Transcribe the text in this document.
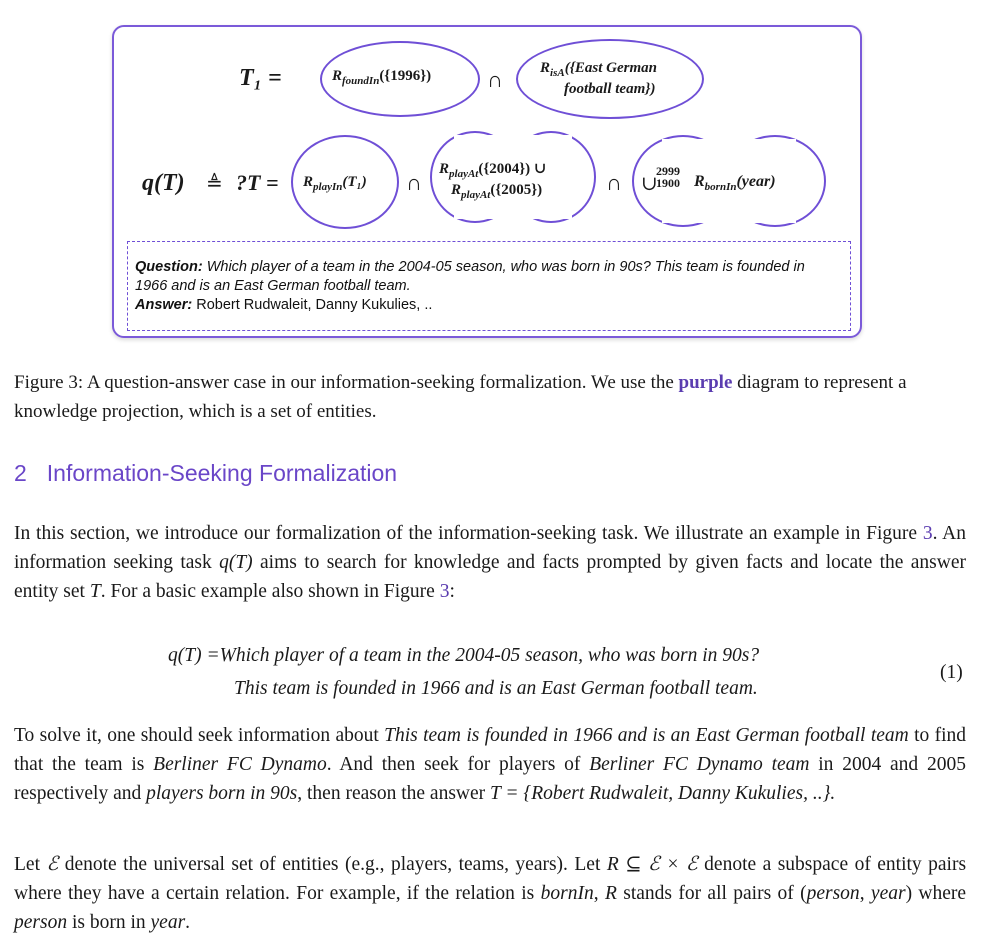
T₁ =	$R_{foundIn}(\{1996\})$	∩ $R_{isA}(\{East$ German
football team})
q(T) ≜ ?T = $R_{playIn}(T_1)$ ∩
$R_{playAt}(\{2004\})$ ∪
$R_{playAt}(\{2005\})$	∩ ∪
2999
1900 $R_{bornIn}(year)$
Question: Which player of a team in the 2004-05 season, who was born in 90s? This team is founded in 1966 and is an East German football team.
Answer: Robert Rudwaleit, Danny Kukulies, ..
Figure 3: A question-answer case in our information-seeking formalization. We use the purple diagram to represent a knowledge projection, which is a set of entities.
2 Information-Seeking Formalization
In this section, we introduce our formalization of the information-seeking task. We illustrate an example in Figure 3. An information seeking task q(T) aims to search for knowledge and facts prompted by given facts and locate the answer entity set T. For a basic example also shown in Figure 3:
q(T) =Which player of a team in the 2004-05 season, who was born in 90s?
This team is founded in 1966 and is an East German football team.
(1)
To solve it, one should seek information about This team is founded in 1966 and is an East German football team to find that the team is Berliner FC Dynamo. And then seek for players of Berliner FC Dynamo team in 2004 and 2005 respectively and players born in 90s, then reason the answer T = {Robert Rudwaleit, Danny Kukulies, ..}.
Let ℰ denote the universal set of entities (e.g., players, teams, years). Let R ⊆ ℰ × ℰ denote a subspace of entity pairs where they have a certain relation. For example, if the relation is bornIn, R stands for all pairs of (person, year) where person is born in year.
